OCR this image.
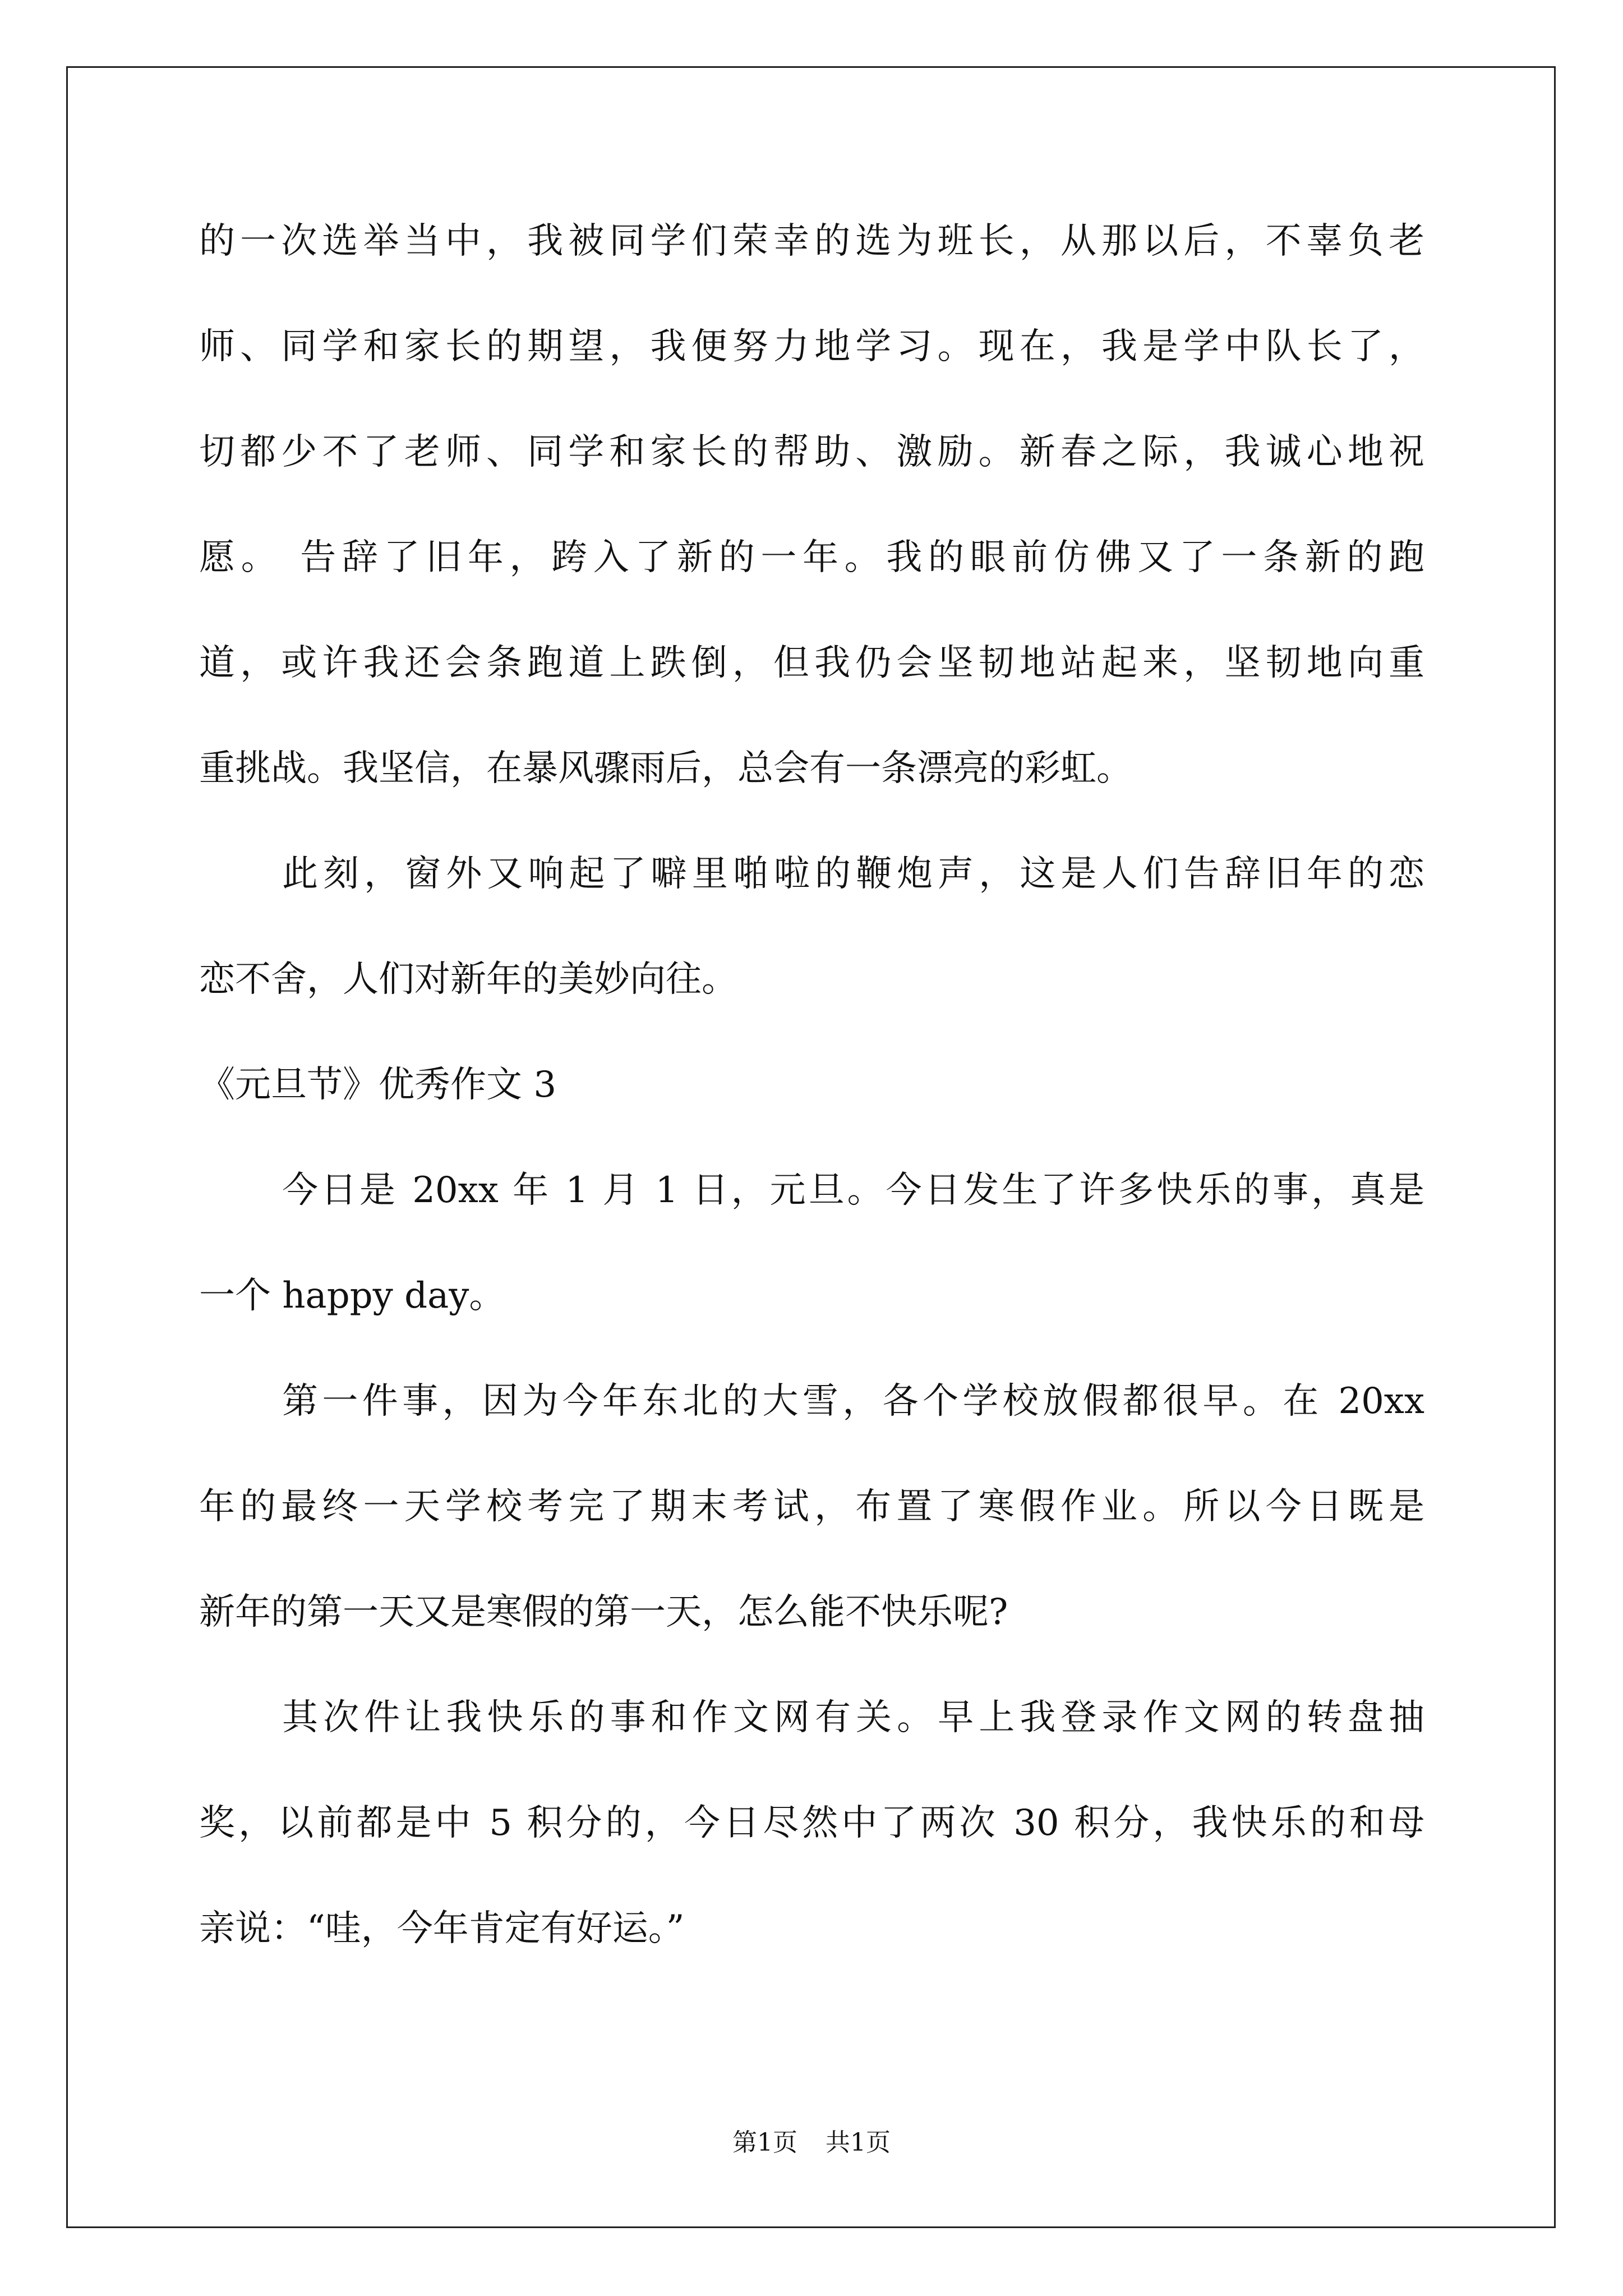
的一次选举当中，我被同学们荣幸的选为班长，从那以后，不辜负老
师、同学和家长的期望，我便努力地学习。现在，我是学中队长了，
切都少不了老师、同学和家长的帮助、激励。新春之际，我诚心地祝
愿。 告辞了旧年，跨入了新的一年。我的眼前仿佛又了一条新的跑
道，或许我还会条跑道上跌倒，但我仍会坚韧地站起来，坚韧地向重
重挑战。我坚信，在暴风骤雨后，总会有一条漂亮的彩虹。
此刻，窗外又响起了噼里啪啦的鞭炮声，这是人们告辞旧年的恋
恋不舍，人们对新年的美妙向往。
《元旦节》优秀作文 3
今日是 20xx 年 1 月 1 日，元旦。今日发生了许多快乐的事，真是
一个 happy day。
第一件事，因为今年东北的大雪，各个学校放假都很早。在 20xx
年的最终一天学校考完了期末考试，布置了寒假作业。所以今日既是
新年的第一天又是寒假的第一天，怎么能不快乐呢?
其次件让我快乐的事和作文网有关。早上我登录作文网的转盘抽
奖，以前都是中 5 积分的，今日尽然中了两次 30 积分，我快乐的和母
亲说：“哇，今年肯定有好运。”
第1页 共1页
